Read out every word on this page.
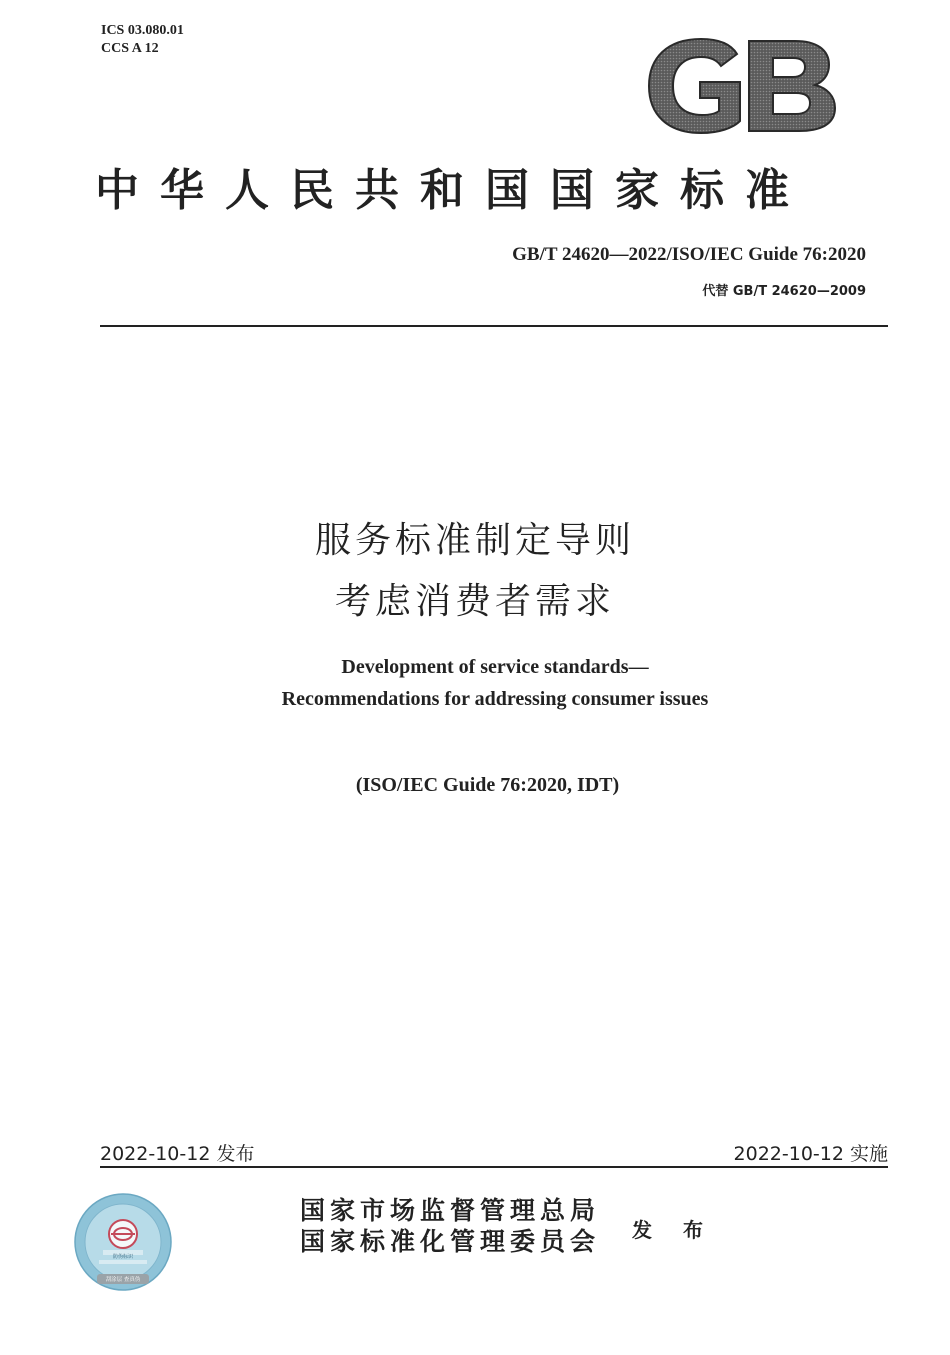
ICS 03.080.01
CCS A 12
中华人民共和国国家标准
GB/T 24620—2022/ISO/IEC Guide 76:2020
代替 GB/T 24620—2009
服务标准制定导则
考虑消费者需求
Development of service standards—
Recommendations for addressing consumer issues
(ISO/IEC Guide 76:2020, IDT)
2022-10-12 发布	2022-10-12 实施
防伪标识
刮涂层 查真伪
国家市场监督管理总局
国家标准化管理委员会 发 布
